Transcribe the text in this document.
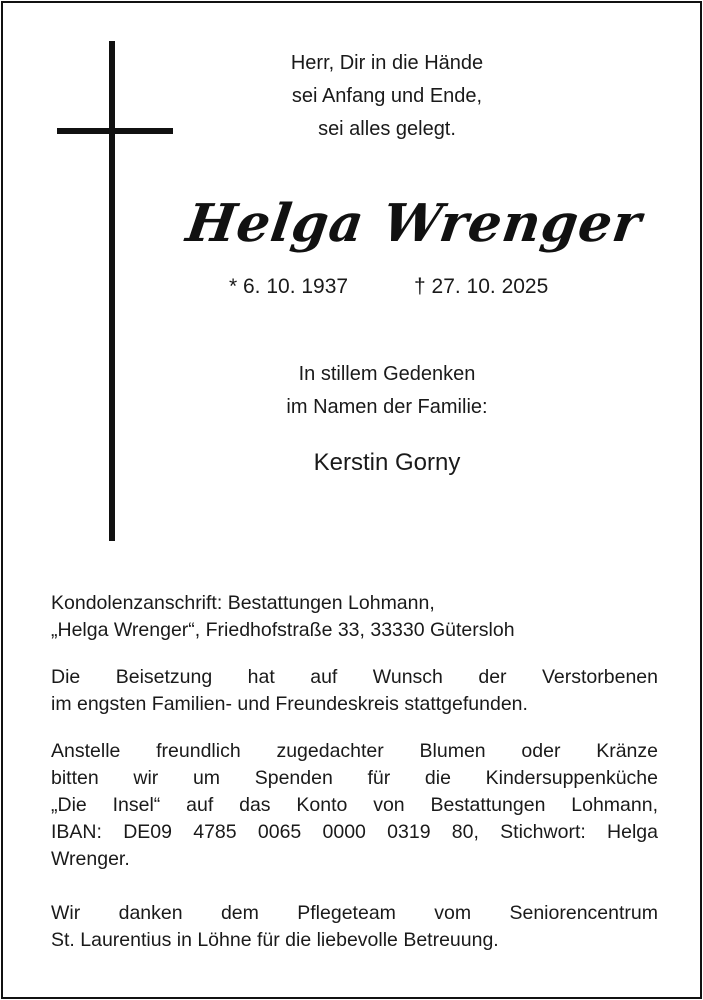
Herr, Dir in die Hände
sei Anfang und Ende,
sei alles gelegt.
Helga Wrenger
* 6. 10. 1937	† 27. 10. 2025
In stillem Gedenken
im Namen der Familie:
Kerstin Gorny
Kondolenzanschrift: Bestattungen Lohmann,
„Helga Wrenger“, Friedhofstraße 33, 33330 Gütersloh
Die Beisetzung hat auf Wunsch der Verstorbenen
im engsten Familien- und Freundeskreis stattgefunden.
Anstelle freundlich zugedachter Blumen oder Kränze
bitten wir um Spenden für die Kindersuppenküche
„Die Insel“ auf das Konto von Bestattungen Lohmann,
IBAN: DE09 4785 0065 0000 0319 80, Stichwort: Helga
Wrenger.
Wir danken dem Pflegeteam vom Seniorencentrum
St. Laurentius in Löhne für die liebevolle Betreuung.
